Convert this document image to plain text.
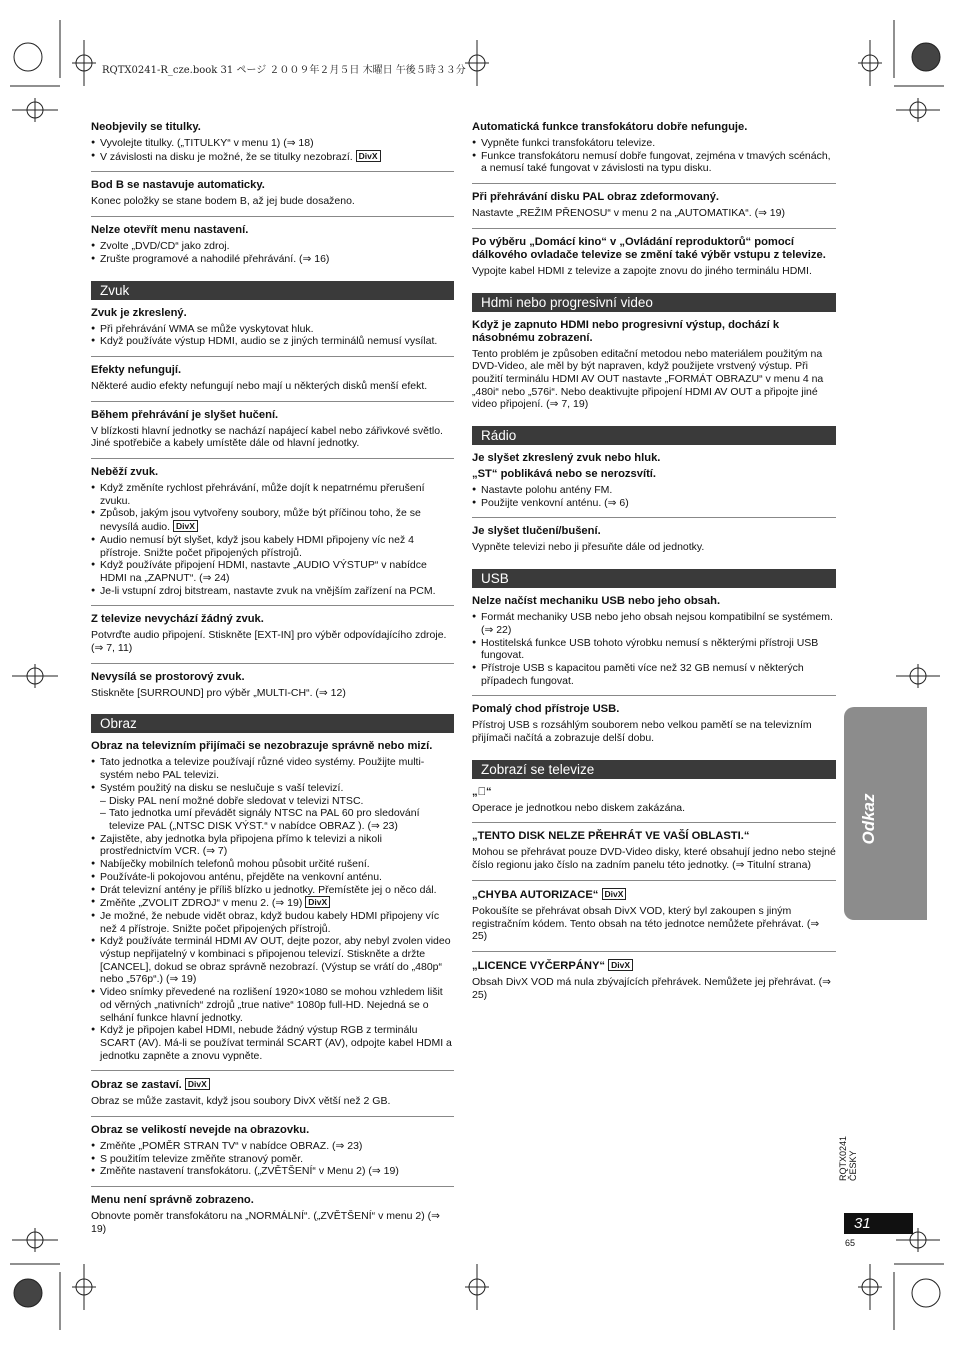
RQTX0241-R_cze.book 31 ページ ２００９年２月５日 木曜日 午後５時３３分
Neobjevily se titulky.
● Vyvolejte titulky. („TITULKY“ v menu 1) (⇒ 18)
● V závislosti na disku je možné, že se titulky nezobrazí. DivX
Bod B se nastavuje automaticky.

Konec položky se stane bodem B, až jej bude dosaženo.

Nelze otevřít menu nastavení.
● Zvolte „DVD/CD“ jako zdroj.
● Zrušte programové a nahodilé přehrávání. (⇒ 16)
Zvuk
Zvuk je zkreslený.
● Při přehrávání WMA se může vyskytovat hluk.
● Když používáte výstup HDMI, audio se z jiných terminálů nemusí vysílat.
Efekty nefungují.

Některé audio efekty nefungují nebo mají u některých disků menší efekt.

Během přehrávání je slyšet hučení.

V blízkosti hlavní jednotky se nachází napájecí kabel nebo zářivkové světlo. Jiné spotřebiče a kabely umístěte dále od hlavní jednotky.

Neběží zvuk.
● Když změníte rychlost přehrávání, může dojít k nepatrnému přerušení zvuku.
● Způsob, jakým jsou vytvořeny soubory, může být příčinou toho, že se nevysílá audio. DivX
● Audio nemusí být slyšet, když jsou kabely HDMI připojeny víc než 4 přístroje. Snižte počet připojených přístrojů.
● Když používáte připojení HDMI, nastavte „AUDIO VÝSTUP“ v nabídce HDMI na „ZAPNUT“. (⇒ 24)
● Je-li vstupní zdroj bitstream, nastavte zvuk na vnějším zařízení na PCM.
Z televize nevychází žádný zvuk.

Potvrďte audio připojení. Stiskněte [EXT-IN] pro výběr odpovídajícího zdroje. (⇒ 7, 11)

Nevysílá se prostorový zvuk.

Stiskněte [SURROUND] pro výběr „MULTI-CH“. (⇒ 12)

Obraz
Obraz na televizním přijímači se nezobrazuje správně nebo mizí.
● Tato jednotka a televize používají různé video systémy. Použijte multi-systém nebo PAL televizi.
● Systém použitý na disku se neslučuje s vaší televizí.
– Disky PAL není možné dobře sledovat v televizi NTSC.
– Tato jednotka umí převádět signály NTSC na PAL 60 pro sledování televize PAL („NTSC DISK VÝST.“ v nabídce OBRAZ ). (⇒ 23)
● Zajistěte, aby jednotka byla připojena přímo k televizi a nikoli prostřednictvím VCR. (⇒ 7)
● Nabíječky mobilních telefonů mohou působit určité rušení.
● Používáte-li pokojovou anténu, přejděte na venkovní anténu.
● Drát televizní antény je příliš blízko u jednotky. Přemístěte jej o něco dál.
● Změňte „ZVOLIT ZDROJ“ v menu 2. (⇒ 19) DivX
● Je možné, že nebude vidět obraz, když budou kabely HDMI připojeny víc než 4 přístroje. Snižte počet připojených přístrojů.
● Když používáte terminál HDMI AV OUT, dejte pozor, aby nebyl zvolen video výstup nepřijatelný v kombinaci s připojenou televizí. Stiskněte a držte [CANCEL], dokud se obraz správně nezobrazí. (Výstup se vrátí do „480p“ nebo „576p“.) (⇒ 19)
● Video snímky převedené na rozlišení 1920×1080 se mohou vzhledem lišit od věrných „nativních“ zdrojů „true native“ 1080p full-HD. Nejedná se o selhání funkce hlavní jednotky.
● Když je připojen kabel HDMI, nebude žádný výstup RGB z terminálu SCART (AV). Má-li se používat terminál SCART (AV), odpojte kabel HDMI a jednotku zapněte a znovu vypněte.
Obraz se zastaví. DivX

Obraz se může zastavit, když jsou soubory DivX větší než 2 GB.

Obraz se velikostí nevejde na obrazovku.
● Změňte „POMĚR STRAN TV“ v nabídce OBRAZ. (⇒ 23)
● S použitím televize změňte stranový poměr.
● Změňte nastavení transfokátoru. („ZVĚTŠENÍ“ v Menu 2) (⇒ 19)
Menu není správně zobrazeno.

Obnovte poměr transfokátoru na „NORMÁLNÍ“. („ZVĚTŠENÍ“ v menu 2) (⇒ 19)

Automatická funkce transfokátoru dobře nefunguje.
● Vypněte funkci transfokátoru televize.
● Funkce transfokátoru nemusí dobře fungovat, zejména v tmavých scénách, a nemusí také fungovat v závislosti na typu disku.
Při přehrávání disku PAL obraz zdeformovaný.

Nastavte „REŽIM PŘENOSU“ v menu 2 na „AUTOMATIKA“. (⇒ 19)

Po výběru „Domácí kino“ v „Ovládání reproduktorů“ pomocí dálkového ovladače televize se změní také výběr vstupu z televize.

Vypojte kabel HDMI z televize a zapojte znovu do jiného terminálu HDMI.

Hdmi nebo progresivní video
Když je zapnuto HDMI nebo progresivní výstup, dochází k násobnému zobrazení.

Tento problém je způsoben editační metodou nebo materiálem použitým na DVD-Video, ale měl by být napraven, když použijete vrstvený výstup. Při použití terminálu HDMI AV OUT nastavte „FORMÁT OBRAZU“ v menu 4 na „480i“ nebo „576i“. Nebo deaktivujte připojení HDMI AV OUT a připojte jiné video připojení. (⇒ 7, 19)

Rádio
Je slyšet zkreslený zvuk nebo hluk.
„ST“ poblikává nebo se nerozsvítí.
● Nastavte polohu antény FM.
● Použijte venkovní anténu. (⇒ 6)
Je slyšet tlučení/bušení.

Vypněte televizi nebo ji přesuňte dále od jednotky.

USB
Nelze načíst mechaniku USB nebo jeho obsah.
● Formát mechaniky USB nebo jeho obsah nejsou kompatibilní se systémem.(⇒ 22)
● Hostitelská funkce USB tohoto výrobku nemusí s některými přístroji USB fungovat.
● Přístroje USB s kapacitou paměti více než 32 GB nemusí v některých případech fungovat.
Pomalý chod přístroje USB.

Přístroj USB s rozsáhlým souborem nebo velkou pamětí se na televizním přijímači načítá a zobrazuje delší dobu.

Zobrazí se televize
„⃠“

Operace je jednotkou nebo diskem zakázána.

„TENTO DISK NELZE PŘEHRÁT VE VAŠÍ OBLASTI.“

Mohou se přehrávat pouze DVD-Video disky, které obsahují jedno nebo stejné číslo regionu jako číslo na zadním panelu této jednotky. (⇒ Titulní strana)

„CHYBA AUTORIZACE“ DivX

Pokoušíte se přehrávat obsah DivX VOD, který byl zakoupen s jiným registračním kódem. Tento obsah na této jednotce nemůžete přehrávat. (⇒ 25)

„LICENCE VYČERPÁNY“ DivX

Obsah DivX VOD má nula zbývajících přehrávek. Nemůžete jej přehrávat. (⇒ 25)

Odkaz
RQTX0241 ČESKY
31
65
